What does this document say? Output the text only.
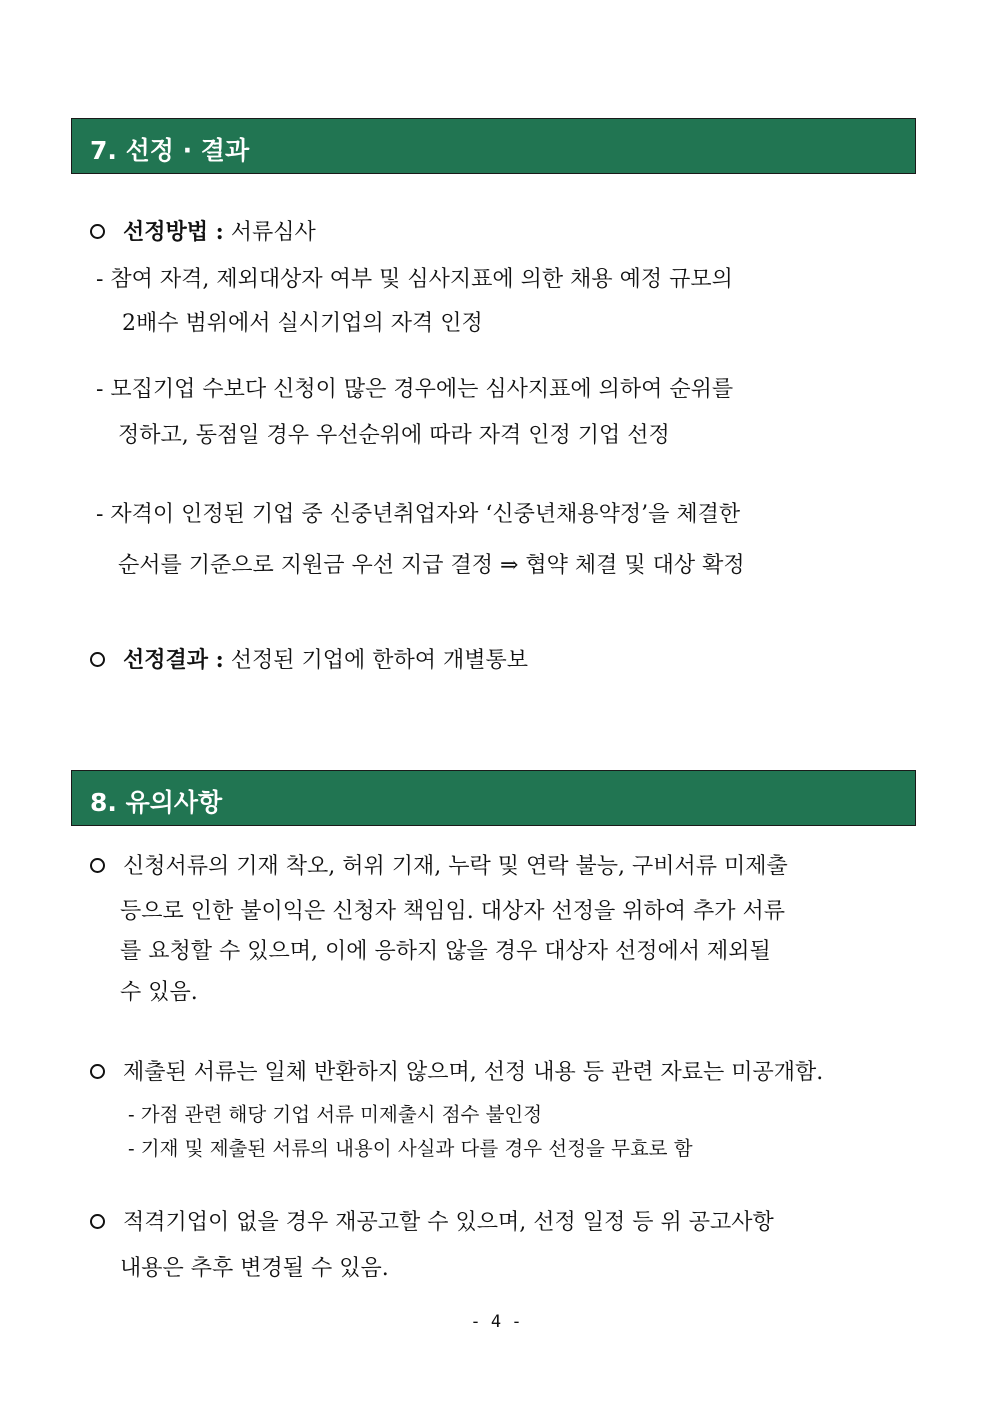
7. 선정 · 결과
선정방법 : 서류심사
- 참여 자격, 제외대상자 여부 및 심사지표에 의한 채용 예정 규모의
2배수 범위에서 실시기업의 자격 인정
- 모집기업 수보다 신청이 많은 경우에는 심사지표에 의하여 순위를
정하고, 동점일 경우 우선순위에 따라 자격 인정 기업 선정
- 자격이 인정된 기업 중 신중년취업자와 ‘신중년채용약정’을 체결한
순서를 기준으로 지원금 우선 지급 결정 ⇒ 협약 체결 및 대상 확정
선정결과 : 선정된 기업에 한하여 개별통보
8. 유의사항
신청서류의 기재 착오, 허위 기재, 누락 및 연락 불능, 구비서류 미제출
등으로 인한 불이익은 신청자 책임임. 대상자 선정을 위하여 추가 서류
를 요청할 수 있으며, 이에 응하지 않을 경우 대상자 선정에서 제외될
수 있음.
제출된 서류는 일체 반환하지 않으며, 선정 내용 등 관련 자료는 미공개함.
- 가점 관련 해당 기업 서류 미제출시 점수 불인정
- 기재 및 제출된 서류의 내용이 사실과 다를 경우 선정을 무효로 함
적격기업이 없을 경우 재공고할 수 있으며, 선정 일정 등 위 공고사항
내용은 추후 변경될 수 있음.
- 4 -
